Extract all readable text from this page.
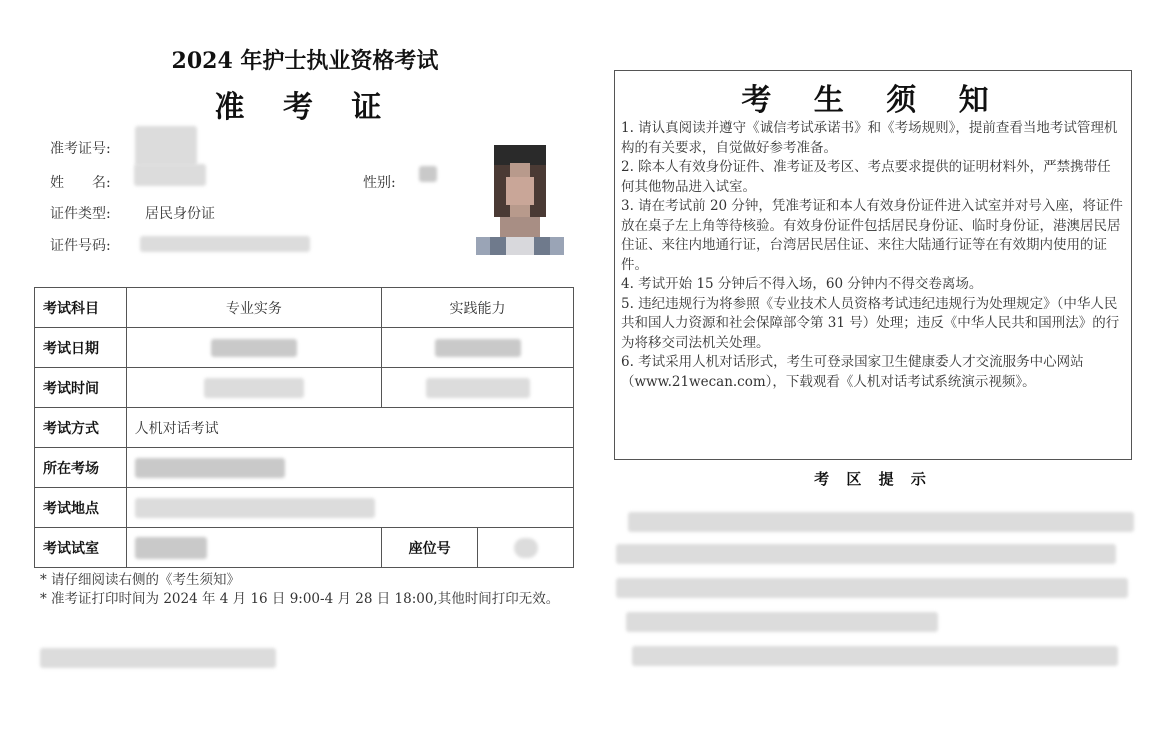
2024 年护士执业资格考试
准 考 证
准考证号:
姓　　名:	性别:
证件类型: 居民身份证
证件号码:
考试科目	专业实务	实践能力	
考试日期			
考试时间			
考试方式	人机对话考试		
所在考场			
考试地点			
考试试室		座位号	
* 请仔细阅读右侧的《考生须知》
* 准考证打印时间为 2024 年 4 月 16 日 9:00-4 月 28 日 18:00,其他时间打印无效。
考 生 须 知

1. 请认真阅读并遵守《诚信考试承诺书》和《考场规则》，提前查看当地考试管理机构的有关要求，自觉做好参考准备。

2. 除本人有效身份证件、准考证及考区、考点要求提供的证明材料外，严禁携带任何其他物品进入试室。

3. 请在考试前 20 分钟，凭准考证和本人有效身份证件进入试室并对号入座，将证件放在桌子左上角等待核验。有效身份证件包括居民身份证、临时身份证，港澳居民居住证、来往内地通行证，台湾居民居住证、来往大陆通行证等在有效期内使用的证件。

4. 考试开始 15 分钟后不得入场，60 分钟内不得交卷离场。

5. 违纪违规行为将参照《专业技术人员资格考试违纪违规行为处理规定》（中华人民共和国人力资源和社会保障部令第 31 号）处理；违反《中华人民共和国刑法》的行为将移交司法机关处理。

6. 考试采用人机对话形式，考生可登录国家卫生健康委人才交流服务中心网站（www.21wecan.com），下载观看《人机对话考试系统演示视频》。

考 区 提 示
